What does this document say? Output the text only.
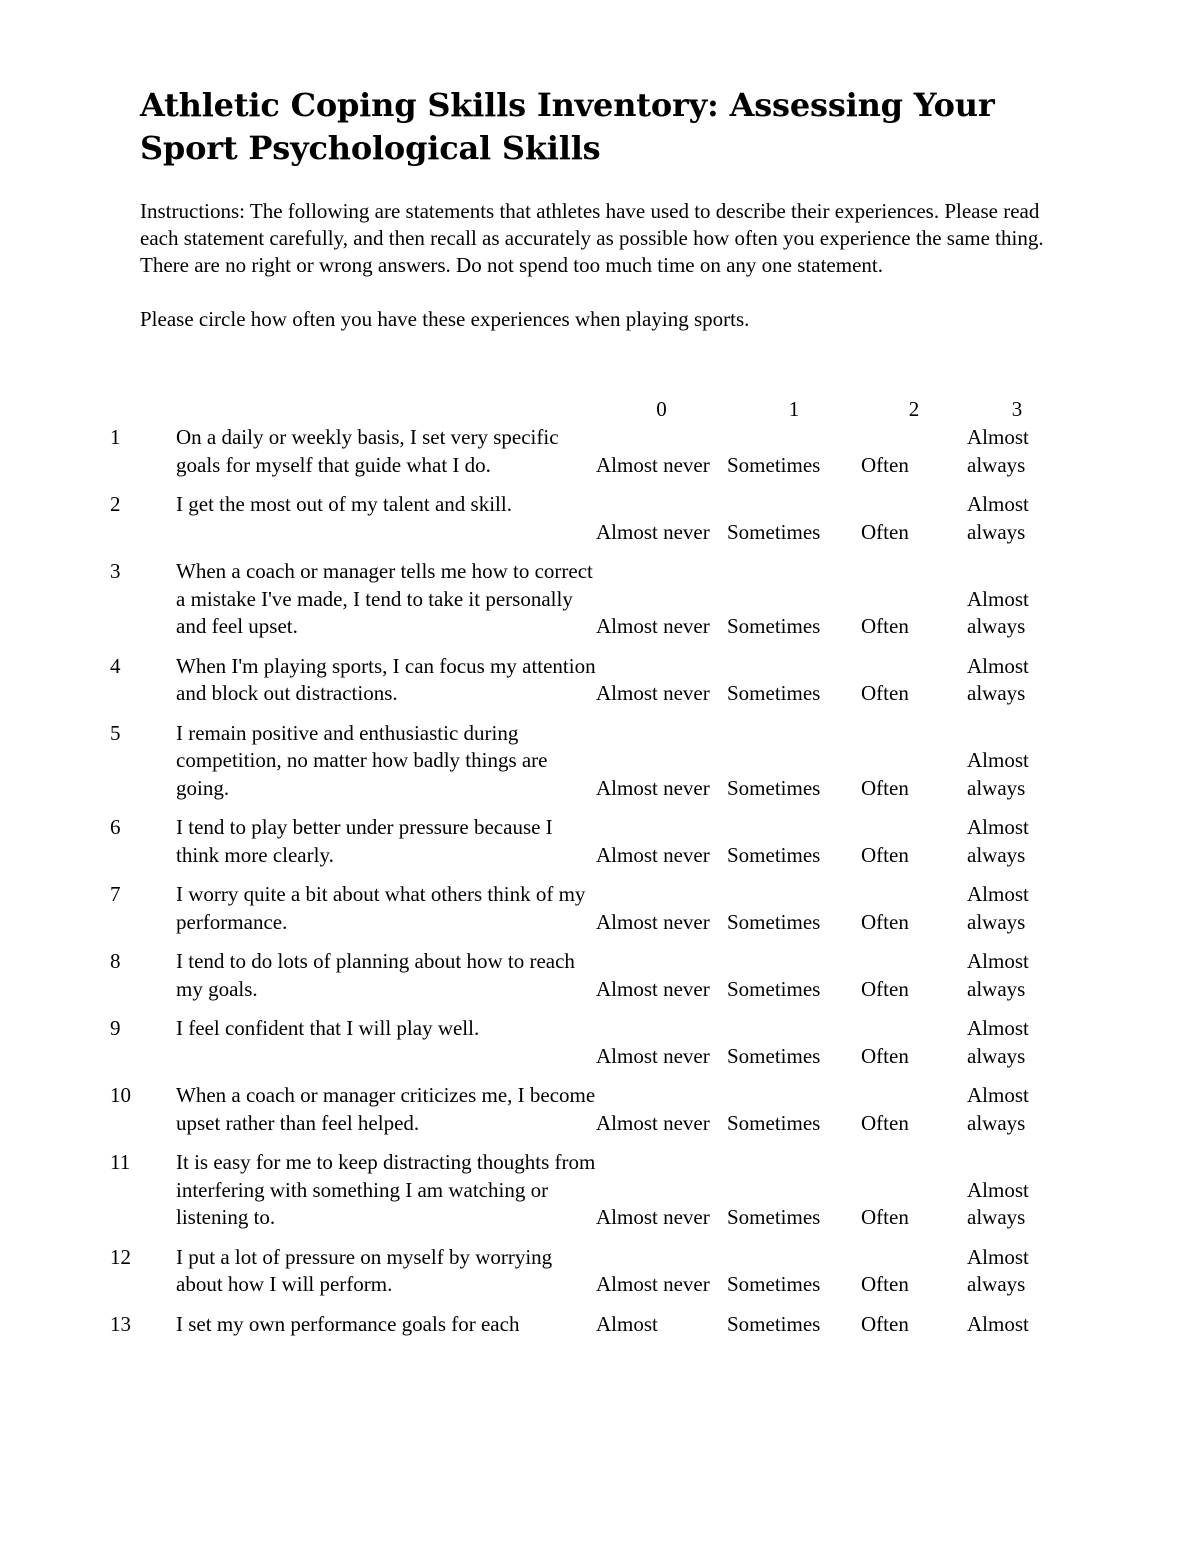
Athletic Coping Skills Inventory: Assessing Your Sport Psychological Skills

Instructions: The following are statements that athletes have used to describe their experiences. Please read each statement carefully, and then recall as accurately as possible how often you experience the same thing. There are no right or wrong answers. Do not spend too much time on any one statement.

Please circle how often you have these experiences when playing sports.

		0	1	2	3
1	On a daily or weekly basis, I set very specific goals for myself that guide what I do.	Almost never	Sometimes	Often	Almost always
2	I get the most out of my talent and skill.	Almost never	Sometimes	Often	Almost always
3	When a coach or manager tells me how to correct a mistake I've made, I tend to take it personally and feel upset.	Almost never	Sometimes	Often	Almost always
4	When I'm playing sports, I can focus my attention and block out distractions.	Almost never	Sometimes	Often	Almost always
5	I remain positive and enthusiastic during competition, no matter how badly things are going.	Almost never	Sometimes	Often	Almost always
6	I tend to play better under pressure because I think more clearly.	Almost never	Sometimes	Often	Almost always
7	I worry quite a bit about what others think of my performance.	Almost never	Sometimes	Often	Almost always
8	I tend to do lots of planning about how to reach my goals.	Almost never	Sometimes	Often	Almost always
9	I feel confident that I will play well.	Almost never	Sometimes	Often	Almost always
10	When a coach or manager criticizes me, I become upset rather than feel helped.	Almost never	Sometimes	Often	Almost always
11	It is easy for me to keep distracting thoughts from interfering with something I am watching or listening to.	Almost never	Sometimes	Often	Almost always
12	I put a lot of pressure on myself by worrying about how I will perform.	Almost never	Sometimes	Often	Almost always
13	I set my own performance goals for each	Almost	Sometimes	Often	Almost
